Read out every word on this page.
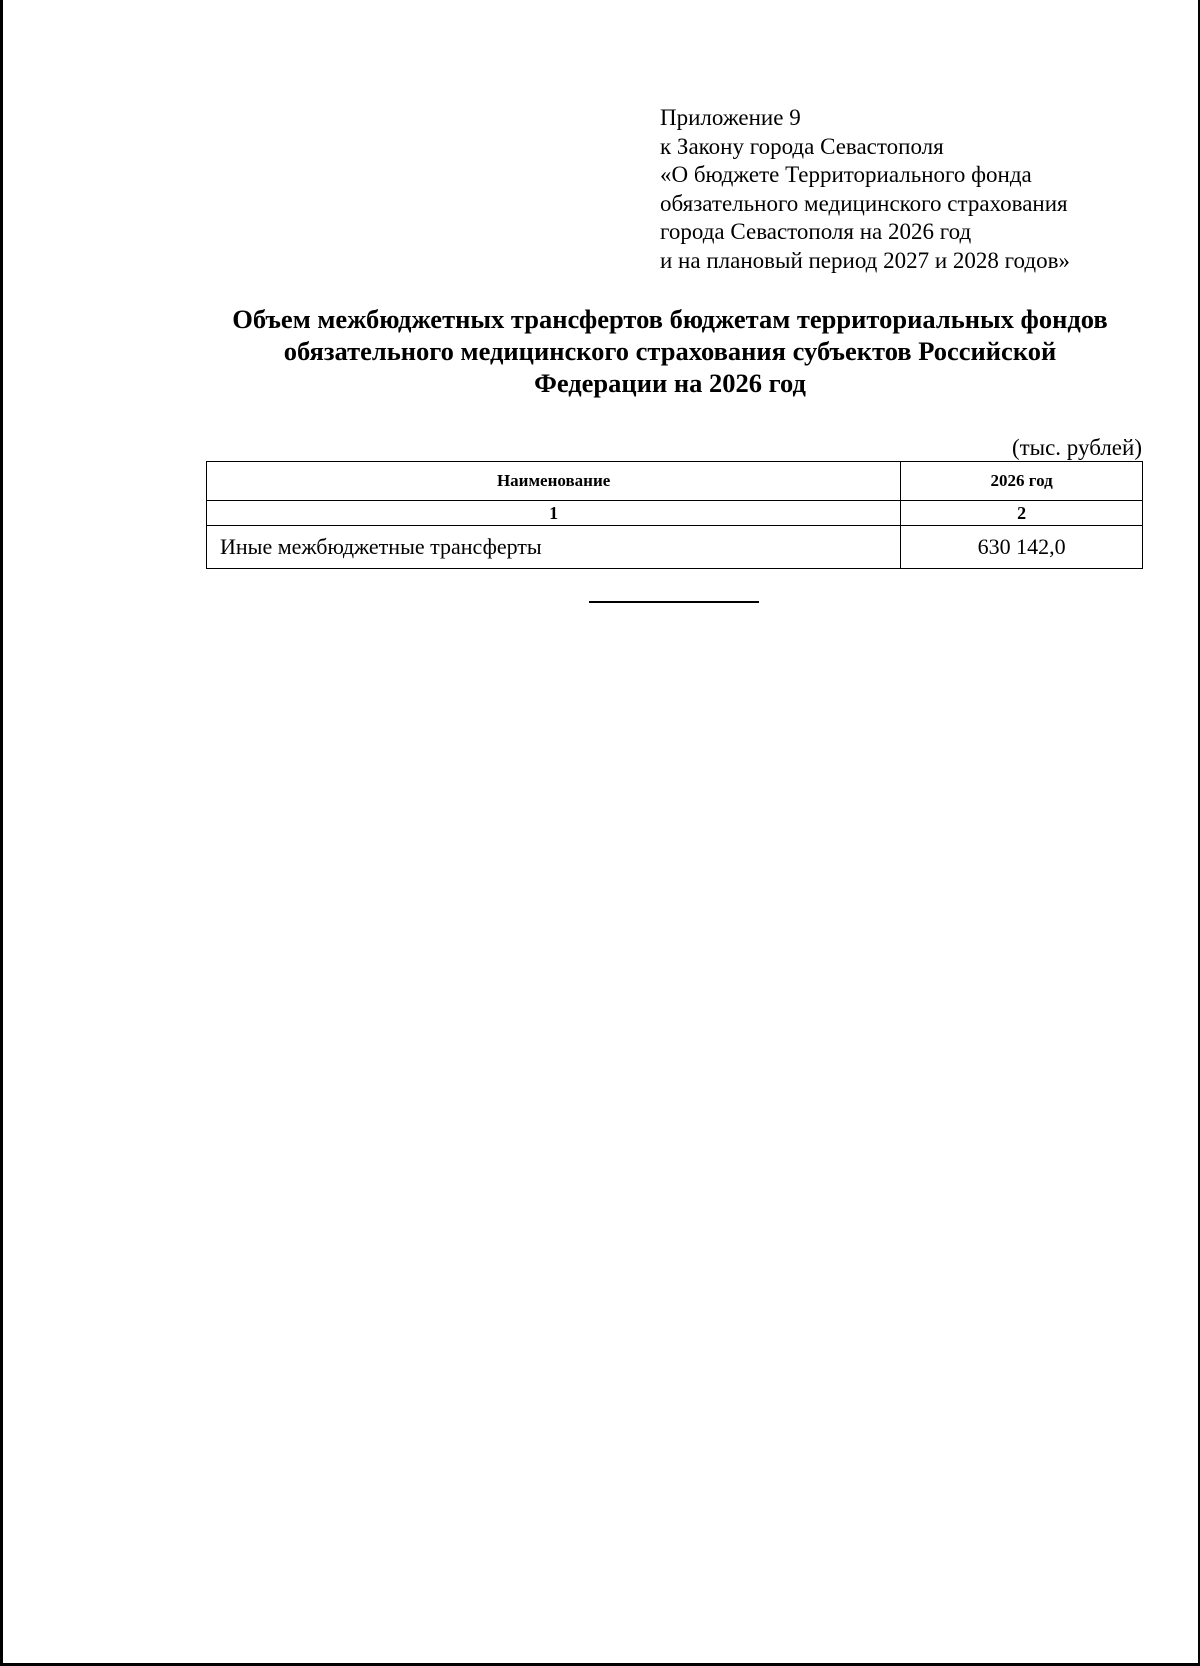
Приложение 9
к Закону города Севастополя
«О бюджете Территориального фонда
обязательного медицинского страхования
города Севастополя на 2026 год
и на плановый период 2027 и 2028 годов»
Объем межбюджетных трансфертов бюджетам территориальных фондов
обязательного медицинского страхования субъектов Российской
Федерации на 2026 год
(тыс. рублей)
Наименование	2026 год
1	2
Иные межбюджетные трансферты	630 142,0
